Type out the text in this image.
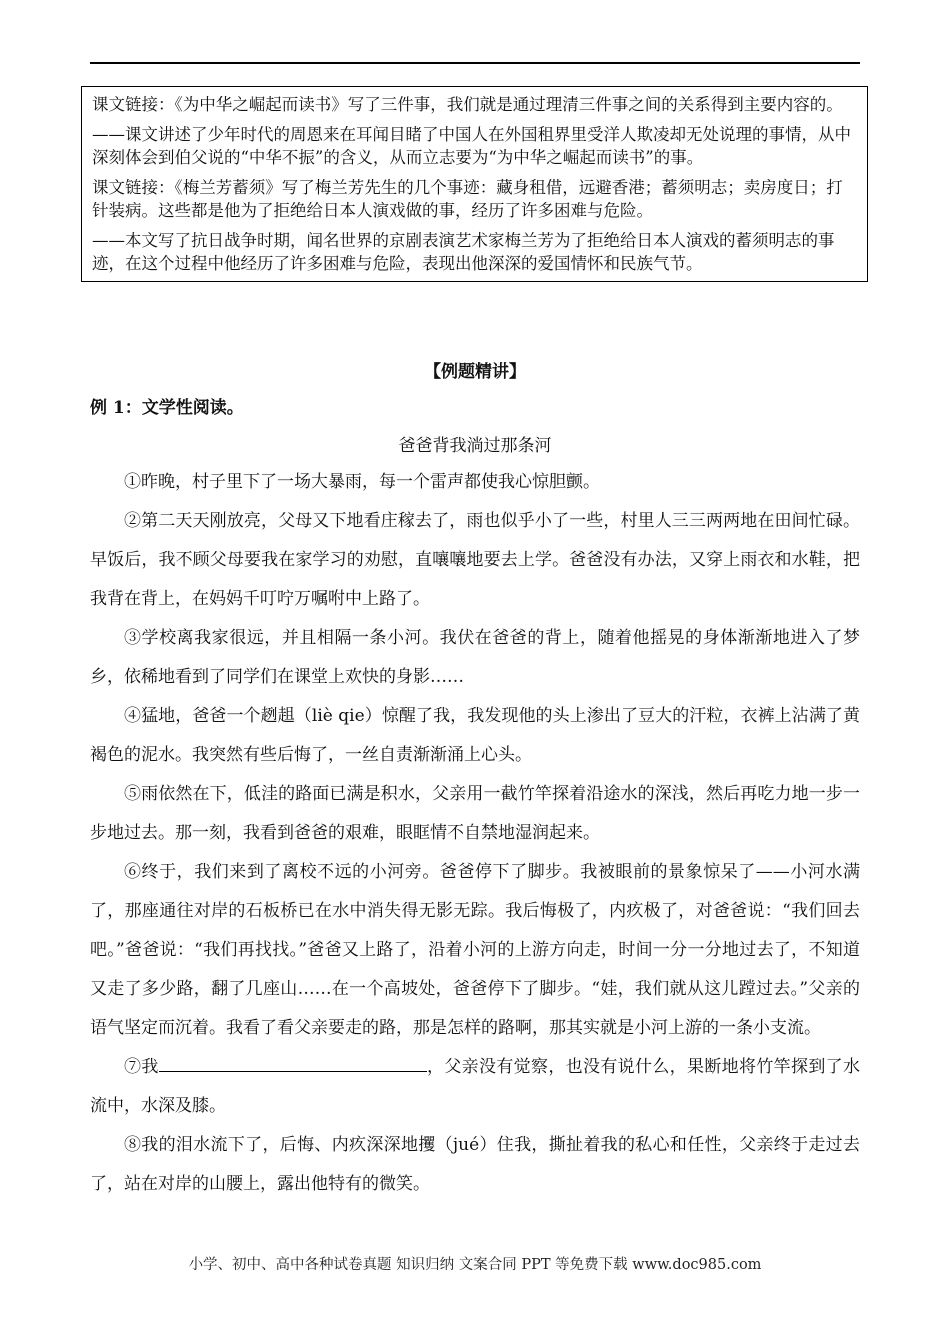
课文链接：《为中华之崛起而读书》写了三件事，我们就是通过理清三件事之间的关系得到主要内容的。

——课文讲述了少年时代的周恩来在耳闻目睹了中国人在外国租界里受洋人欺凌却无处说理的事情，从中深刻体会到伯父说的“中华不振”的含义，从而立志要为“为中华之崛起而读书”的事。

课文链接：《梅兰芳蓄须》写了梅兰芳先生的几个事迹：藏身租借，远避香港；蓄须明志；卖房度日；打针装病。这些都是他为了拒绝给日本人演戏做的事，经历了许多困难与危险。

——本文写了抗日战争时期，闻名世界的京剧表演艺术家梅兰芳为了拒绝给日本人演戏的蓄须明志的事迹，在这个过程中他经历了许多困难与危险，表现出他深深的爱国情怀和民族气节。

【例题精讲】
例 1：文学性阅读。
爸爸背我淌过那条河

①昨晚，村子里下了一场大暴雨，每一个雷声都使我心惊胆颤。

②第二天天刚放亮，父母又下地看庄稼去了，雨也似乎小了一些，村里人三三两两地在田间忙碌。早饭后，我不顾父母要我在家学习的劝慰，直嚷嚷地要去上学。爸爸没有办法，又穿上雨衣和水鞋，把我背在背上，在妈妈千叮咛万嘱咐中上路了。

③学校离我家很远，并且相隔一条小河。我伏在爸爸的背上，随着他摇晃的身体渐渐地进入了梦乡，依稀地看到了同学们在课堂上欢快的身影……

④猛地，爸爸一个趔趄（liè qie）惊醒了我，我发现他的头上渗出了豆大的汗粒，衣裤上沾满了黄褐色的泥水。我突然有些后悔了，一丝自责渐渐涌上心头。

⑤雨依然在下，低洼的路面已满是积水，父亲用一截竹竿探着沿途水的深浅，然后再吃力地一步一步地过去。那一刻，我看到爸爸的艰难，眼眶情不自禁地湿润起来。

⑥终于，我们来到了离校不远的小河旁。爸爸停下了脚步。我被眼前的景象惊呆了——小河水满了，那座通往对岸的石板桥已在水中消失得无影无踪。我后悔极了，内疚极了，对爸爸说：“我们回去吧。”爸爸说：“我们再找找。”爸爸又上路了，沿着小河的上游方向走，时间一分一分地过去了，不知道又走了多少路，翻了几座山……在一个高坡处，爸爸停下了脚步。“娃，我们就从这儿蹚过去。”父亲的语气坚定而沉着。我看了看父亲要走的路，那是怎样的路啊，那其实就是小河上游的一条小支流。

⑦我	，父亲没有觉察，也没有说什么，果断地将竹竿探到了水流中，水深及膝。

⑧我的泪水流下了，后悔、内疚深深地攫（jué）住我，撕扯着我的私心和任性，父亲终于走过去了，站在对岸的山腰上，露出他特有的微笑。

小学、初中、高中各种试卷真题 知识归纳 文案合同 PPT 等免费下载 www.doc985.com
